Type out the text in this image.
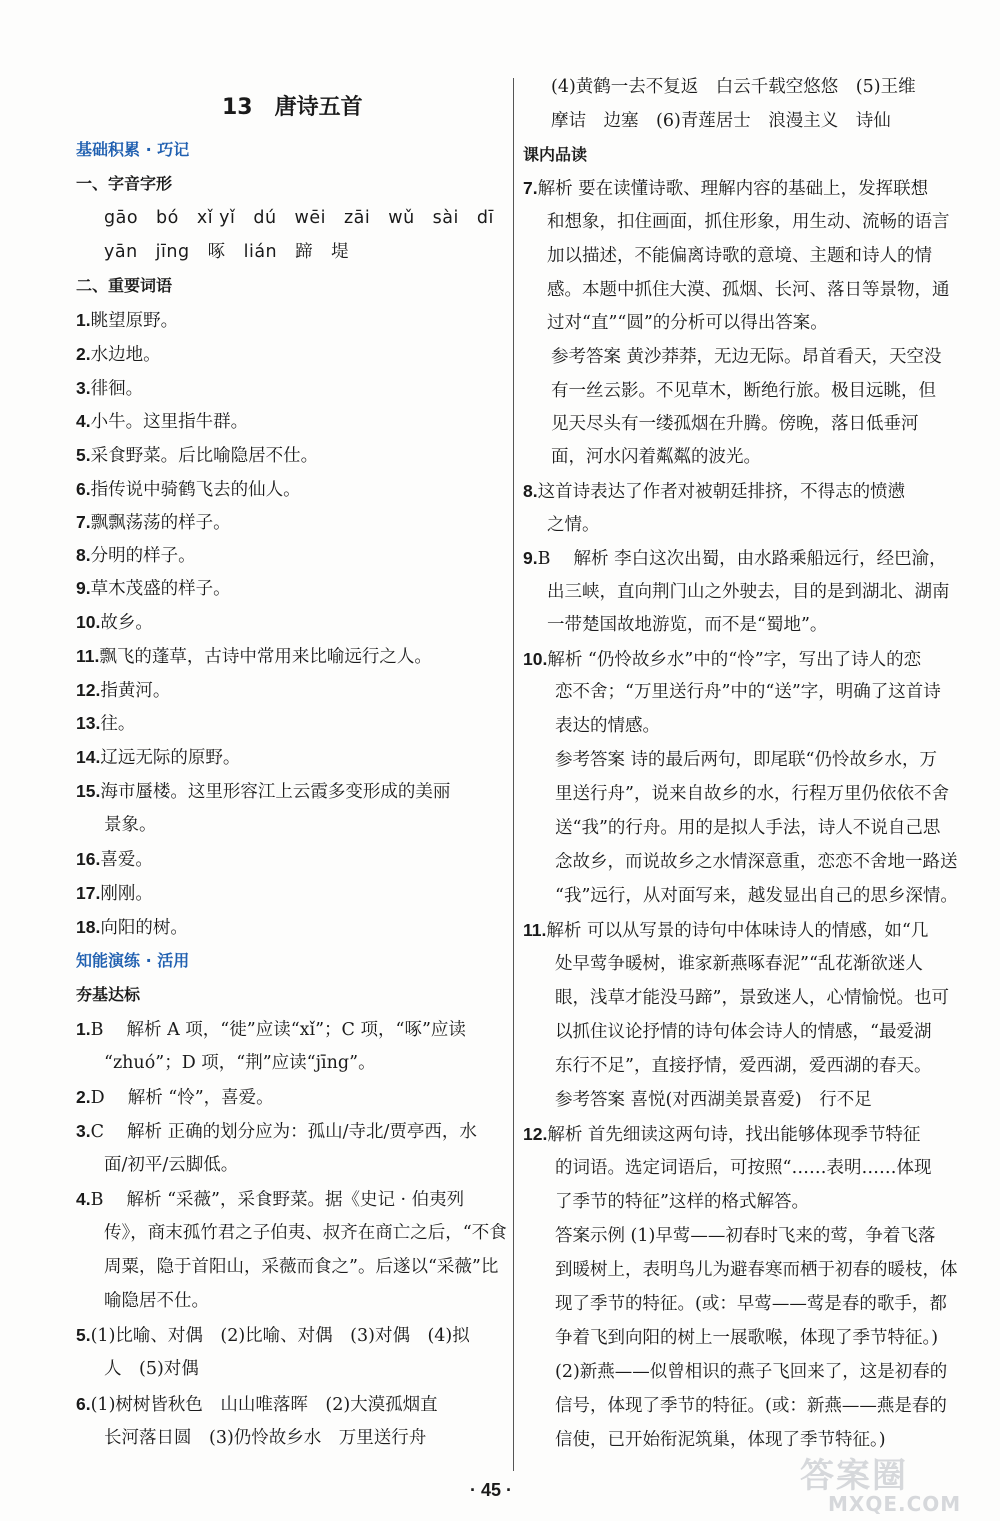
13　唐诗五首
基础积累 · 巧记
一、字音字形
gāo　bó　xǐ yǐ　dú　wēi　zāi　wǔ　sài　dī
yān　jīng　啄　lián　蹄　堤
二、重要词语
1.眺望原野。
2.水边地。
3.徘徊。
4.小牛。这里指牛群。
5.采食野菜。后比喻隐居不仕。
6.指传说中骑鹤飞去的仙人。
7.飘飘荡荡的样子。
8.分明的样子。
9.草木茂盛的样子。
10.故乡。
11.飘飞的蓬草，古诗中常用来比喻远行之人。
12.指黄河。
13.往。
14.辽远无际的原野。
15.海市蜃楼。这里形容江上云霞多变形成的美丽
景象。
16.喜爱。
17.刚刚。
18.向阳的树。
知能演练 · 活用
夯基达标
1.B　 解析 A 项，“徙”应读“xǐ”；C 项，“啄”应读
“zhuó”；D 项，“荆”应读“jīng”。
2.D　 解析 “怜”，喜爱。
3.C　 解析 正确的划分应为：孤山/寺北/贾亭西，水
面/初平/云脚低。
4.B　 解析 “采薇”，采食野菜。据《史记 · 伯夷列
传》，商末孤竹君之子伯夷、叔齐在商亡之后，“不食
周粟，隐于首阳山，采薇而食之”。后遂以“采薇”比
喻隐居不仕。
5.(1)比喻、对偶　(2)比喻、对偶　(3)对偶　(4)拟
人　(5)对偶
6.(1)树树皆秋色　山山唯落晖　(2)大漠孤烟直
长河落日圆　(3)仍怜故乡水　万里送行舟
(4)黄鹤一去不复返　白云千载空悠悠　(5)王维
摩诘　边塞　(6)青莲居士　浪漫主义　诗仙
课内品读
7.解析 要在读懂诗歌、理解内容的基础上，发挥联想
和想象，扣住画面，抓住形象，用生动、流畅的语言
加以描述，不能偏离诗歌的意境、主题和诗人的情
感。本题中抓住大漠、孤烟、长河、落日等景物，通
过对“直”“圆”的分析可以得出答案。
参考答案 黄沙莽莽，无边无际。昂首看天，天空没
有一丝云影。不见草木，断绝行旅。极目远眺，但
见天尽头有一缕孤烟在升腾。傍晚，落日低垂河
面，河水闪着粼粼的波光。
8.这首诗表达了作者对被朝廷排挤，不得志的愤懑
之情。
9.B　 解析 李白这次出蜀，由水路乘船远行，经巴渝，
出三峡，直向荆门山之外驶去，目的是到湖北、湖南
一带楚国故地游览，而不是“蜀地”。
10.解析 “仍怜故乡水”中的“怜”字，写出了诗人的恋
恋不舍；“万里送行舟”中的“送”字，明确了这首诗
表达的情感。
参考答案 诗的最后两句，即尾联“仍怜故乡水，万
里送行舟”，说来自故乡的水，行程万里仍依依不舍
送“我”的行舟。用的是拟人手法，诗人不说自己思
念故乡，而说故乡之水情深意重，恋恋不舍地一路送
“我”远行，从对面写来，越发显出自己的思乡深情。
11.解析 可以从写景的诗句中体味诗人的情感，如“几
处早莺争暖树，谁家新燕啄春泥”“乱花渐欲迷人
眼，浅草才能没马蹄”，景致迷人，心情愉悦。也可
以抓住议论抒情的诗句体会诗人的情感，“最爱湖
东行不足”，直接抒情，爱西湖，爱西湖的春天。
参考答案 喜悦(对西湖美景喜爱)　行不足
12.解析 首先细读这两句诗，找出能够体现季节特征
的词语。选定词语后，可按照“……表明……体现
了季节的特征”这样的格式解答。
答案示例 (1)早莺——初春时飞来的莺，争着飞落
到暖树上，表明鸟儿为避春寒而栖于初春的暖枝，体
现了季节的特征。(或：早莺——莺是春的歌手，都
争着飞到向阳的树上一展歌喉，体现了季节特征。)
(2)新燕——似曾相识的燕子飞回来了，这是初春的
信号，体现了季节的特征。(或：新燕——燕是春的
信使，已开始衔泥筑巢，体现了季节特征。)
· 45 ·	答案圈
MXQE.COM
